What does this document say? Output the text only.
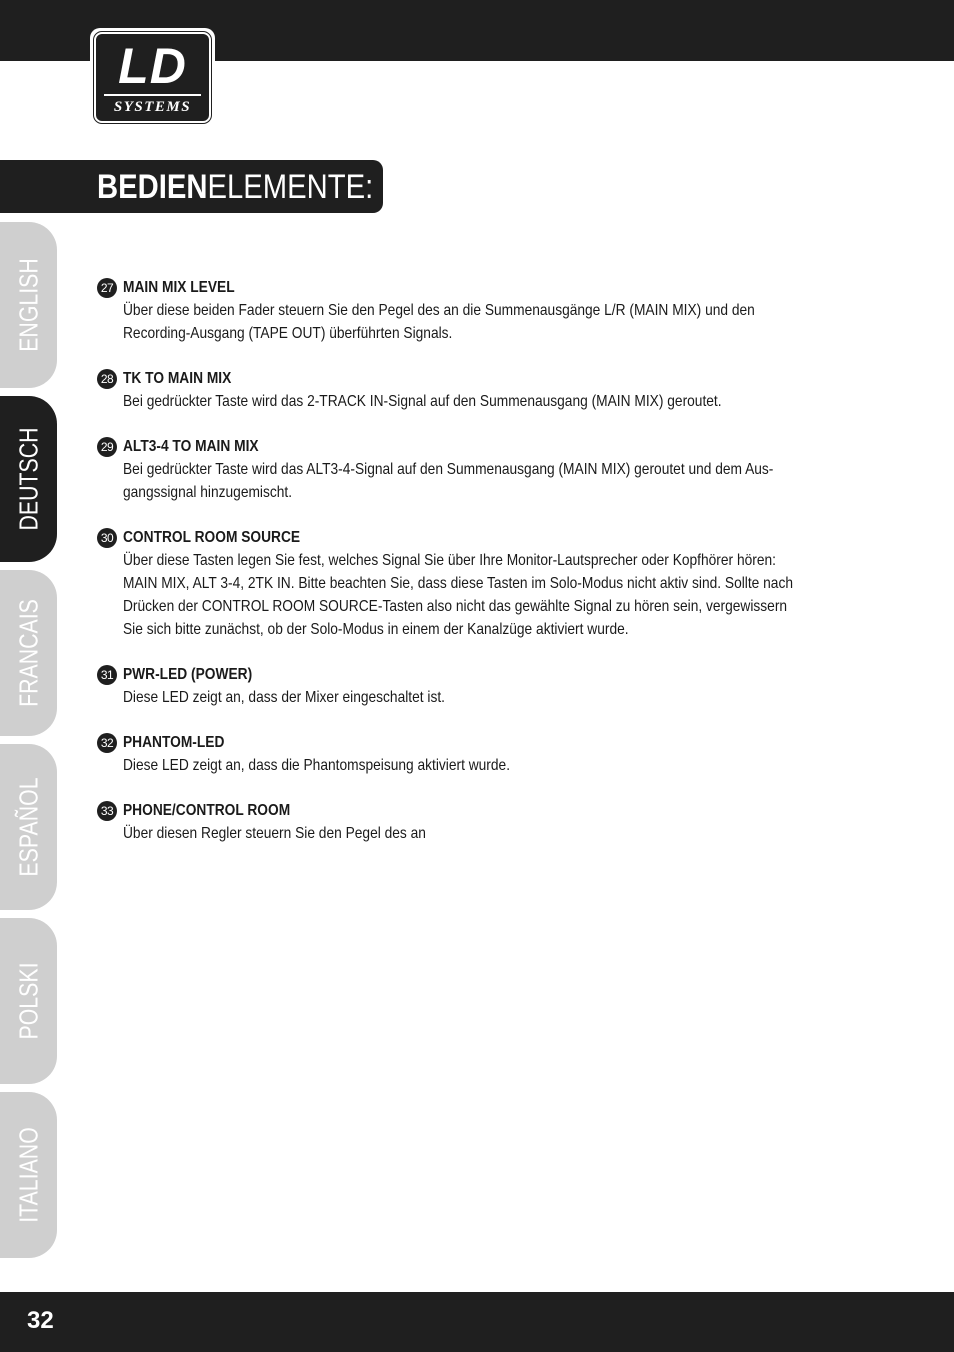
LD
SYSTEMS
BEDIENELEMENTE:
ENGLISH
DEUTSCH
FRANCAIS
ESPAÑOL
POLSKI
ITALIANO
27 MAIN MIX LEVEL
Über diese beiden Fader steuern Sie den Pegel des an die Summenausgänge L/R (MAIN MIX) und den
Recording-Ausgang (TAPE OUT) überführten Signals.
28 TK TO MAIN MIX
Bei gedrückter Taste wird das 2-TRACK IN-Signal auf den Summenausgang (MAIN MIX) geroutet.
29 ALT3-4 TO MAIN MIX
Bei gedrückter Taste wird das ALT3-4-Signal auf den Summenausgang (MAIN MIX) geroutet und dem Aus-
gangssignal hinzugemischt.
30 CONTROL ROOM SOURCE
Über diese Tasten legen Sie fest, welches Signal Sie über Ihre Monitor-Lautsprecher oder Kopfhörer hören:
MAIN MIX, ALT 3-4, 2TK IN. Bitte beachten Sie, dass diese Tasten im Solo-Modus nicht aktiv sind. Sollte nach
Drücken der CONTROL ROOM SOURCE-Tasten also nicht das gewählte Signal zu hören sein, vergewissern
Sie sich bitte zunächst, ob der Solo-Modus in einem der Kanalzüge aktiviert wurde.
31 PWR-LED (POWER)
Diese LED zeigt an, dass der Mixer eingeschaltet ist.
32 PHANTOM-LED
Diese LED zeigt an, dass die Phantomspeisung aktiviert wurde.
33 PHONE/CONTROL ROOM
Über diesen Regler steuern Sie den Pegel des an
32
